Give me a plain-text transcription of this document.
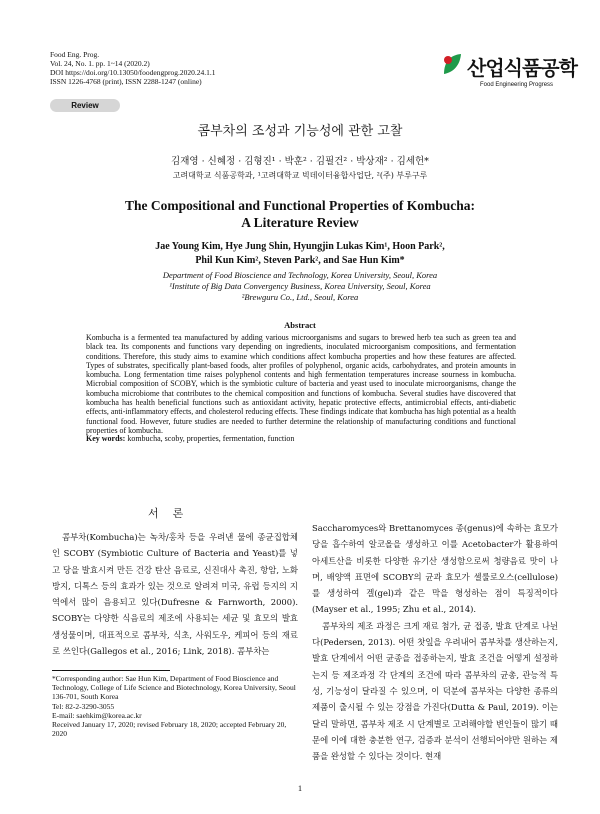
Food Eng. Prog.
Vol. 24, No. 1. pp. 1~14 (2020.2)
DOI https://doi.org/10.13050/foodengprog.2020.24.1.1
ISSN 1226-4768 (print), ISSN 2288-1247 (online)
Review
산업식품공학
Food Engineering Progress
콤부차의 조성과 기능성에 관한 고찰
김재영 · 신혜정 · 김형진¹ · 박훈² · 김필건² · 박상재² · 김세헌*
고려대학교 식품공학과, ¹고려대학교 빅데이터융합사업단, ²(주) 부루구루
The Compositional and Functional Properties of Kombucha:
A Literature Review
Jae Young Kim, Hye Jung Shin, Hyungjin Lukas Kim¹, Hoon Park²,
Phil Kun Kim², Steven Park², and Sae Hun Kim*
Department of Food Bioscience and Technology, Korea University, Seoul, Korea
¹Institute of Big Data Convergency Business, Korea University, Seoul, Korea
²Brewguru Co., Ltd., Seoul, Korea
Abstract
Kombucha is a fermented tea manufactured by adding various microorganisms and sugars to brewed herb tea such as green tea and black tea. Its components and functions vary depending on ingredients, inoculated microorganism compositions, and fermentation conditions. Therefore, this study aims to examine which conditions affect kombucha properties and how these features are affected. Types of substrates, specifically plant-based foods, alter profiles of polyphenol, organic acids, carbohydrates, and protein amounts in kombucha. Long fermentation time raises polyphenol contents and high fermentation temperatures increase sourness in kombucha. Microbial composition of SCOBY, which is the symbiotic culture of bacteria and yeast used to inoculate microorganisms, change the kombucha microbiome that contributes to the chemical composition and functions of kombucha. Several studies have discovered that kombucha has health beneficial functions such as antioxidant activity, hepatic protective effects, antimicrobial effects, anti-diabetic effects, anti-inflammatory effects, and cholesterol reducing effects. These findings indicate that kombucha has high potential as a health functional food. However, future studies are needed to further determine the relationship of manufacturing conditions and functional properties of kombucha.
Key words: kombucha, scoby, properties, fermentation, function
서론

콤부차(Kombucha)는 녹차/홍차 등을 우려낸 물에 종균집합체인 SCOBY (Symbiotic Culture of Bacteria and Yeast)를 넣고 당을 발효시켜 만든 건강 탄산 음료로, 신진대사 촉진, 항암, 노화방지, 디톡스 등의 효과가 있는 것으로 알려져 미국, 유럽 등지의 지역에서 많이 음용되고 있다(Dufresne & Farnworth, 2000). SCOBY는 다양한 식음료의 제조에 사용되는 세균 및 효모의 발효 생성물이며, 대표적으로 콤부차, 식초, 사워도우, 케피어 등의 재료로 쓰인다(Gallegos et al., 2016; Link, 2018). 콤부차는

Saccharomyces와 Brettanomyces 종(genus)에 속하는 효모가 당을 흡수하여 알코올을 생성하고 이를 Acetobacter가 활용하여 아세트산을 비롯한 다양한 유기산 생성함으로써 청량음료 맛이 나며, 배양액 표면에 SCOBY의 균과 효모가 셀룰로오스(cellulose)를 생성하여 겔(gel)과 같은 막을 형성하는 점이 특징적이다(Mayser et al., 1995; Zhu et al., 2014).

콤부차의 제조 과정은 크게 재료 첨가, 균 접종, 발효 단계로 나뉜다(Pedersen, 2013). 어떤 찻잎을 우려내어 콤부차를 생산하는지, 발효 단계에서 어떤 균종을 접종하는지, 발효 조건을 어떻게 설정하는지 등 제조과정 각 단계의 조건에 따라 콤부차의 균총, 관능적 특성, 기능성이 달라질 수 있으며, 이 덕분에 콤부차는 다양한 종류의 제품이 출시될 수 있는 강점을 가진다(Dutta & Paul, 2019). 이는 달리 말하면, 콤부차 제조 시 단계별로 고려해야할 변인들이 많기 때문에 이에 대한 충분한 연구, 검증과 분석이 선행되어야만 원하는 제품을 완성할 수 있다는 것이다. 현재

*Corresponding author: Sae Hun Kim, Department of Food Bioscience and Technology, College of Life Science and Biotechnology, Korea University, Seoul 136-701, South Korea
Tel: 82-2-3290-3055
E-mail: saehkim@korea.ac.kr
Received January 17, 2020; revised February 18, 2020; accepted February 20, 2020
1
